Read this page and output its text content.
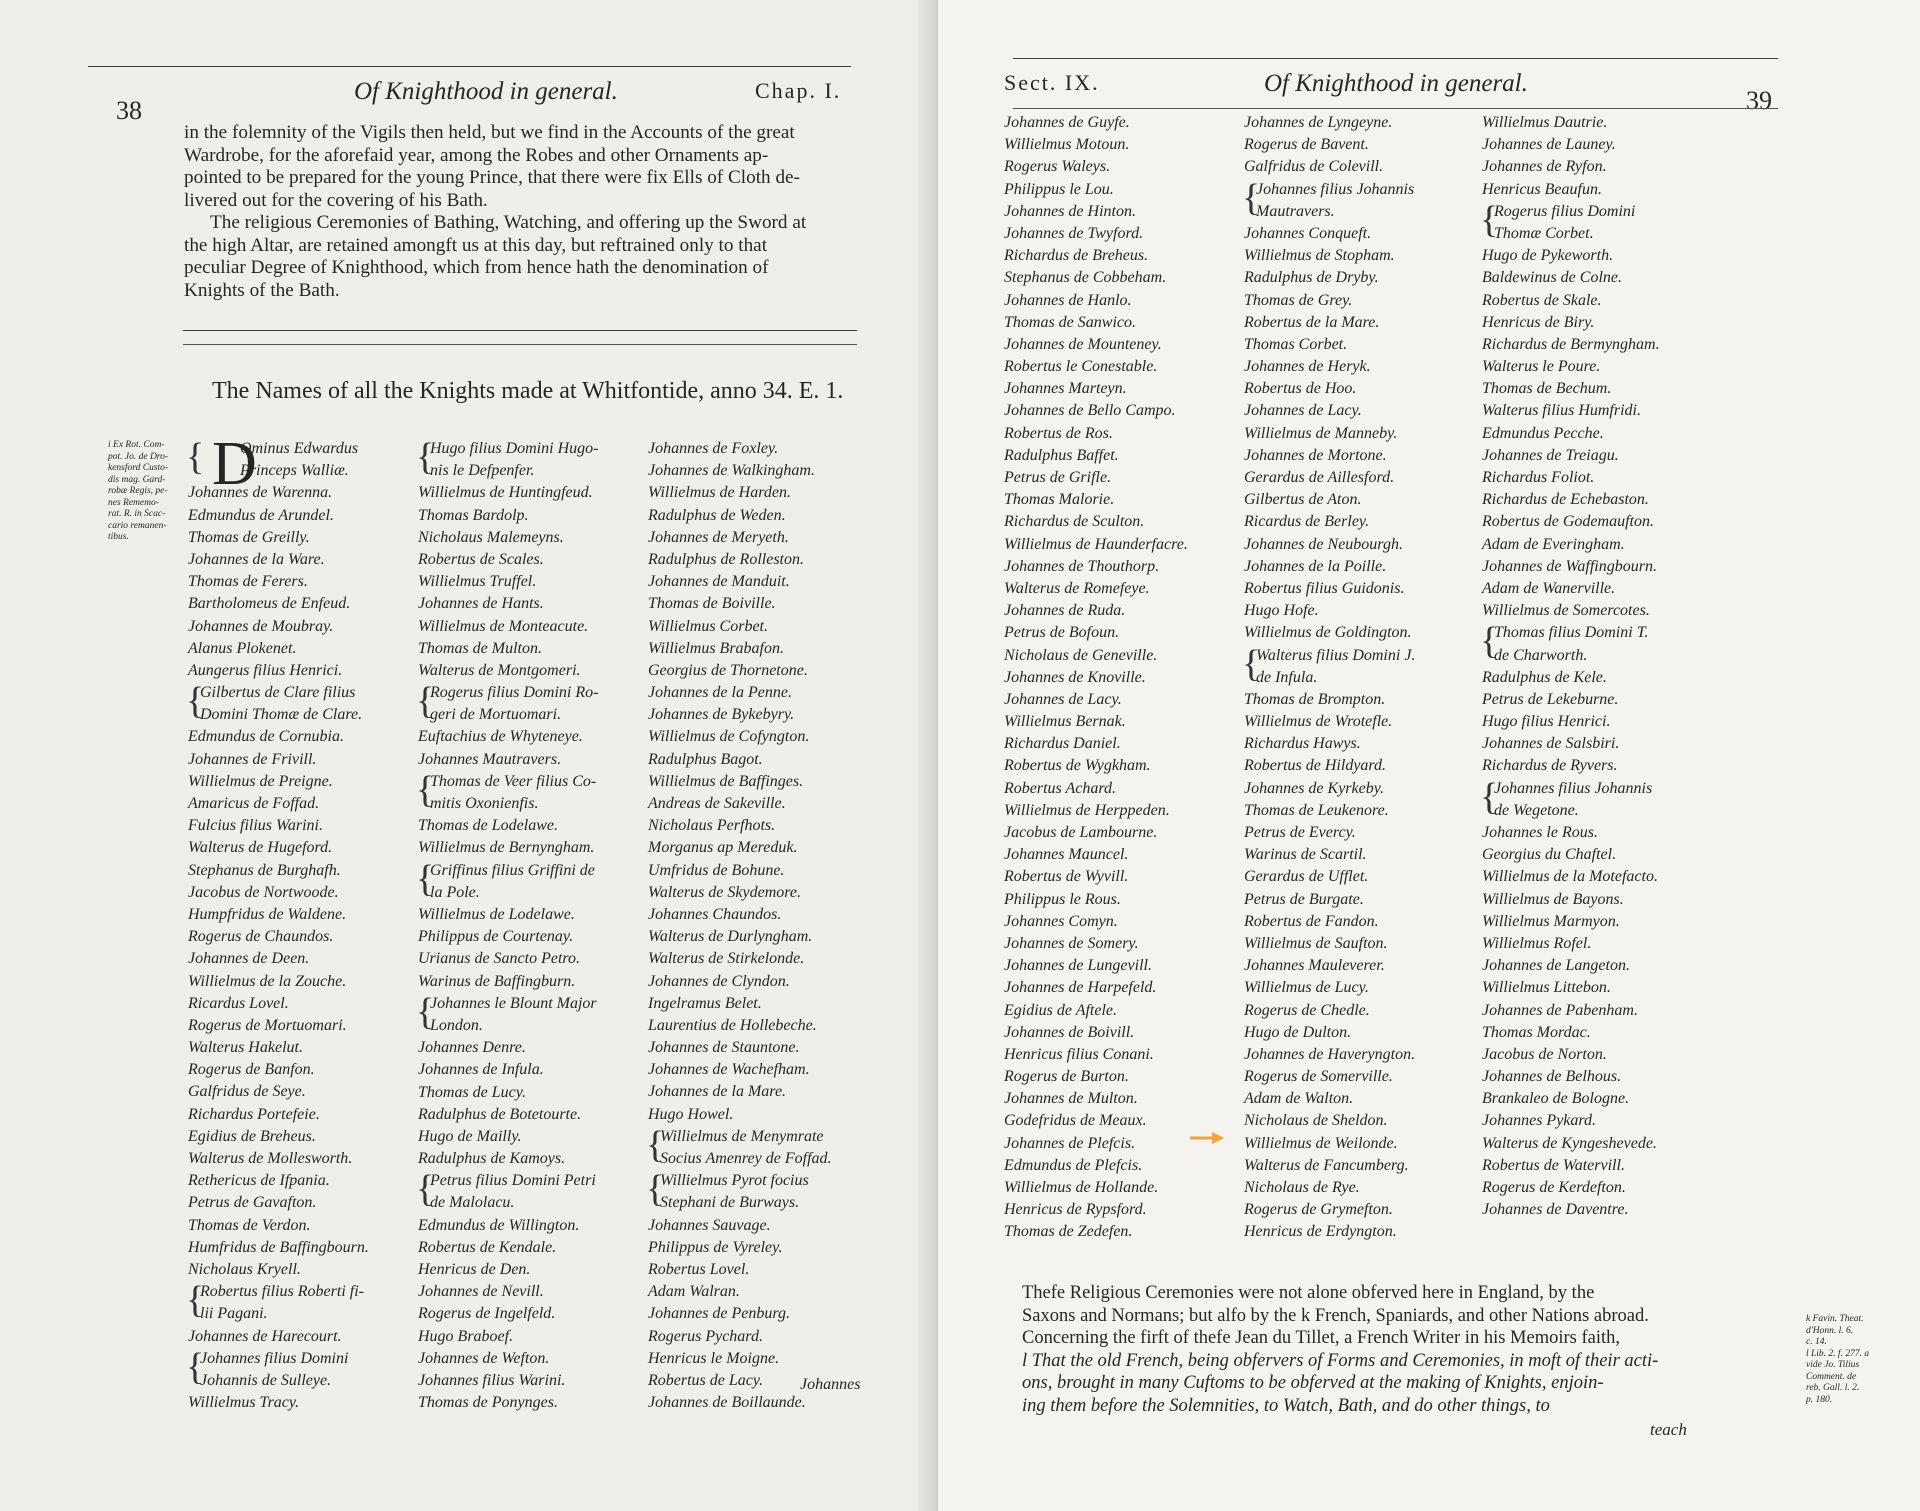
38
Of Knighthood in general.	Chap. I.

in the folemnity of the Vigils then held, but we find in the Accounts of the great

Wardrobe, for the aforefaid year, among the Robes and other Ornaments ap-

pointed to be prepared for the young Prince, that there were fix Ells of Cloth de-

livered out for the covering of his Bath.

The religious Ceremonies of Bathing, Watching, and offering up the Sword at

the high Altar, are retained amongft us at this day, but reftrained only to that

peculiar Degree of Knighthood, which from hence hath the denomination of

Knights of the Bath.

The Names of all the Knights made at Whitfontide, anno 34. E. 1.
i Ex Rot. Com-
pot. Jo. de Dro-
kensford Custo-
dis mag. Gard-
robæ Regis, pe-
nes Rememo-
rat. R. in Scac-
cario remanen-
tibus.
D
{ Ominus Edwardus
Princeps Walliæ.
Johannes de Warenna.
Edmundus de Arundel.
Thomas de Greilly.
Johannes de la Ware.
Thomas de Ferers.
Bartholomeus de Enfeud.
Johannes de Moubray.
Alanus Plokenet.
Aungerus filius Henrici.
{ Gilbertus de Clare filius
Domini Thomæ de Clare.
Edmundus de Cornubia.
Johannes de Frivill.
Willielmus de Preigne.
Amaricus de Foffad.
Fulcius filius Warini.
Walterus de Hugeford.
Stephanus de Burghafh.
Jacobus de Nortwoode.
Humpfridus de Waldene.
Rogerus de Chaundos.
Johannes de Deen.
Willielmus de la Zouche.
Ricardus Lovel.
Rogerus de Mortuomari.
Walterus Hakelut.
Rogerus de Banfon.
Galfridus de Seye.
Richardus Portefeie.
Egidius de Breheus.
Walterus de Mollesworth.
Rethericus de Ifpania.
Petrus de Gavafton.
Thomas de Verdon.
Humfridus de Baffingbourn.
Nicholaus Kryell.
{ Robertus filius Roberti fi-
lii Pagani.
Johannes de Harecourt.
{ Johannes filius Domini
Johannis de Sulleye.
Willielmus Tracy.
{ Hugo filius Domini Hugo-
nis le Defpenfer.
Willielmus de Huntingfeud.
Thomas Bardolp.
Nicholaus Malemeyns.
Robertus de Scales.
Willielmus Truffel.
Johannes de Hants.
Willielmus de Monteacute.
Thomas de Multon.
Walterus de Montgomeri.
{ Rogerus filius Domini Ro-
geri de Mortuomari.
Euftachius de Whyteneye.
Johannes Mautravers.
{ Thomas de Veer filius Co-
mitis Oxonienfis.
Thomas de Lodelawe.
Willielmus de Bernyngham.
{ Griffinus filius Griffini de
la Pole.
Willielmus de Lodelawe.
Philippus de Courtenay.
Urianus de Sancto Petro.
Warinus de Baffingburn.
{ Johannes le Blount Major
London.
Johannes Denre.
Johannes de Infula.
Thomas de Lucy.
Radulphus de Botetourte.
Hugo de Mailly.
Radulphus de Kamoys.
{ Petrus filius Domini Petri
de Malolacu.
Edmundus de Willington.
Robertus de Kendale.
Henricus de Den.
Johannes de Nevill.
Rogerus de Ingelfeld.
Hugo Braboef.
Johannes de Wefton.
Johannes filius Warini.
Thomas de Ponynges.
Johannes de Foxley.
Johannes de Walkingham.
Willielmus de Harden.
Radulphus de Weden.
Johannes de Meryeth.
Radulphus de Rolleston.
Johannes de Manduit.
Thomas de Boiville.
Willielmus Corbet.
Willielmus Brabafon.
Georgius de Thornetone.
Johannes de la Penne.
Johannes de Bykebyry.
Willielmus de Cofyngton.
Radulphus Bagot.
Willielmus de Baffinges.
Andreas de Sakeville.
Nicholaus Perfhots.
Morganus ap Mereduk.
Umfridus de Bohune.
Walterus de Skydemore.
Johannes Chaundos.
Walterus de Durlyngham.
Walterus de Stirkelonde.
Johannes de Clyndon.
Ingelramus Belet.
Laurentius de Hollebeche.
Johannes de Stauntone.
Johannes de Wachefham.
Johannes de la Mare.
Hugo Howel.
{ Willielmus de Menymrate
Socius Amenrey de Foffad.
{ Willielmus Pyrot focius
Stephani de Burways.
Johannes Sauvage.
Philippus de Vyreley.
Robertus Lovel.
Adam Walran.
Johannes de Penburg.
Rogerus Pychard.
Henricus le Moigne.
Robertus de Lacy.
Johannes de Boillaunde.
Johannes
Sect. IX.	Of Knighthood in general.
39
Johannes de Guyfe.
Willielmus Motoun.
Rogerus Waleys.
Philippus le Lou.
Johannes de Hinton.
Johannes de Twyford.
Richardus de Breheus.
Stephanus de Cobbeham.
Johannes de Hanlo.
Thomas de Sanwico.
Johannes de Mounteney.
Robertus le Conestable.
Johannes Marteyn.
Johannes de Bello Campo.
Robertus de Ros.
Radulphus Baffet.
Petrus de Grifle.
Thomas Malorie.
Richardus de Sculton.
Willielmus de Haunderfacre.
Johannes de Thouthorp.
Walterus de Romefeye.
Johannes de Ruda.
Petrus de Bofoun.
Nicholaus de Geneville.
Johannes de Knoville.
Johannes de Lacy.
Willielmus Bernak.
Richardus Daniel.
Robertus de Wygkham.
Robertus Achard.
Willielmus de Herppeden.
Jacobus de Lambourne.
Johannes Mauncel.
Robertus de Wyvill.
Philippus le Rous.
Johannes Comyn.
Johannes de Somery.
Johannes de Lungevill.
Johannes de Harpefeld.
Egidius de Aftele.
Johannes de Boivill.
Henricus filius Conani.
Rogerus de Burton.
Johannes de Multon.
Godefridus de Meaux.
Johannes de Plefcis.
Edmundus de Plefcis.
Willielmus de Hollande.
Henricus de Rypsford.
Thomas de Zedefen.
Johannes de Lyngeyne.
Rogerus de Bavent.
Galfridus de Colevill.
{ Johannes filius Johannis
Mautravers.
Johannes Conqueft.
Willielmus de Stopham.
Radulphus de Dryby.
Thomas de Grey.
Robertus de la Mare.
Thomas Corbet.
Johannes de Heryk.
Robertus de Hoo.
Johannes de Lacy.
Willielmus de Manneby.
Johannes de Mortone.
Gerardus de Aillesford.
Gilbertus de Aton.
Ricardus de Berley.
Johannes de Neubourgh.
Johannes de la Poille.
Robertus filius Guidonis.
Hugo Hofe.
Willielmus de Goldington.
{ Walterus filius Domini J.
de Infula.
Thomas de Brompton.
Willielmus de Wrotefle.
Richardus Hawys.
Robertus de Hildyard.
Johannes de Kyrkeby.
Thomas de Leukenore.
Petrus de Evercy.
Warinus de Scartil.
Gerardus de Ufflet.
Petrus de Burgate.
Robertus de Fandon.
Willielmus de Saufton.
Johannes Mauleverer.
Willielmus de Lucy.
Rogerus de Chedle.
Hugo de Dulton.
Johannes de Haveryngton.
Rogerus de Somerville.
Adam de Walton.
Nicholaus de Sheldon.
Willielmus de Weilonde.
Walterus de Fancumberg.
Nicholaus de Rye.
Rogerus de Grymefton.
Henricus de Erdyngton.
Willielmus Dautrie.
Johannes de Launey.
Johannes de Ryfon.
Henricus Beaufun.
{ Rogerus filius Domini
Thomæ Corbet.
Hugo de Pykeworth.
Baldewinus de Colne.
Robertus de Skale.
Henricus de Biry.
Richardus de Bermyngham.
Walterus le Poure.
Thomas de Bechum.
Walterus filius Humfridi.
Edmundus Pecche.
Johannes de Treiagu.
Richardus Foliot.
Richardus de Echebaston.
Robertus de Godemaufton.
Adam de Everingham.
Johannes de Waffingbourn.
Adam de Wanerville.
Willielmus de Somercotes.
{ Thomas filius Domini T.
de Charworth.
Radulphus de Kele.
Petrus de Lekeburne.
Hugo filius Henrici.
Johannes de Salsbiri.
Richardus de Ryvers.
{ Johannes filius Johannis
de Wegetone.
Johannes le Rous.
Georgius du Chaftel.
Willielmus de la Motefacto.
Willielmus de Bayons.
Willielmus Marmyon.
Willielmus Rofel.
Johannes de Langeton.
Willielmus Littebon.
Johannes de Pabenham.
Thomas Mordac.
Jacobus de Norton.
Johannes de Belhous.
Brankaleo de Bologne.
Johannes Pykard.
Walterus de Kyngeshevede.
Robertus de Watervill.
Rogerus de Kerdefton.
Johannes de Daventre.
Thefe Religious Ceremonies were not alone obferved here in England, by the
Saxons and Normans; but alfo by the k French, Spaniards, and other Nations abroad.
Concerning the firft of thefe Jean du Tillet, a French Writer in his Memoirs faith,
l That the old French, being obfervers of Forms and Ceremonies, in moft of their acti-
ons, brought in many Cuftoms to be obferved at the making of Knights, enjoin-
ing them before the Solemnities, to Watch, Bath, and do other things, to
teach
k Favin. Theat.
d'Honn. l. 6.
c. 14.
l Lib. 2. f. 277. a
vide Jo. Tilius
Comment. de
reb. Gall. l. 2.
p. 180.
